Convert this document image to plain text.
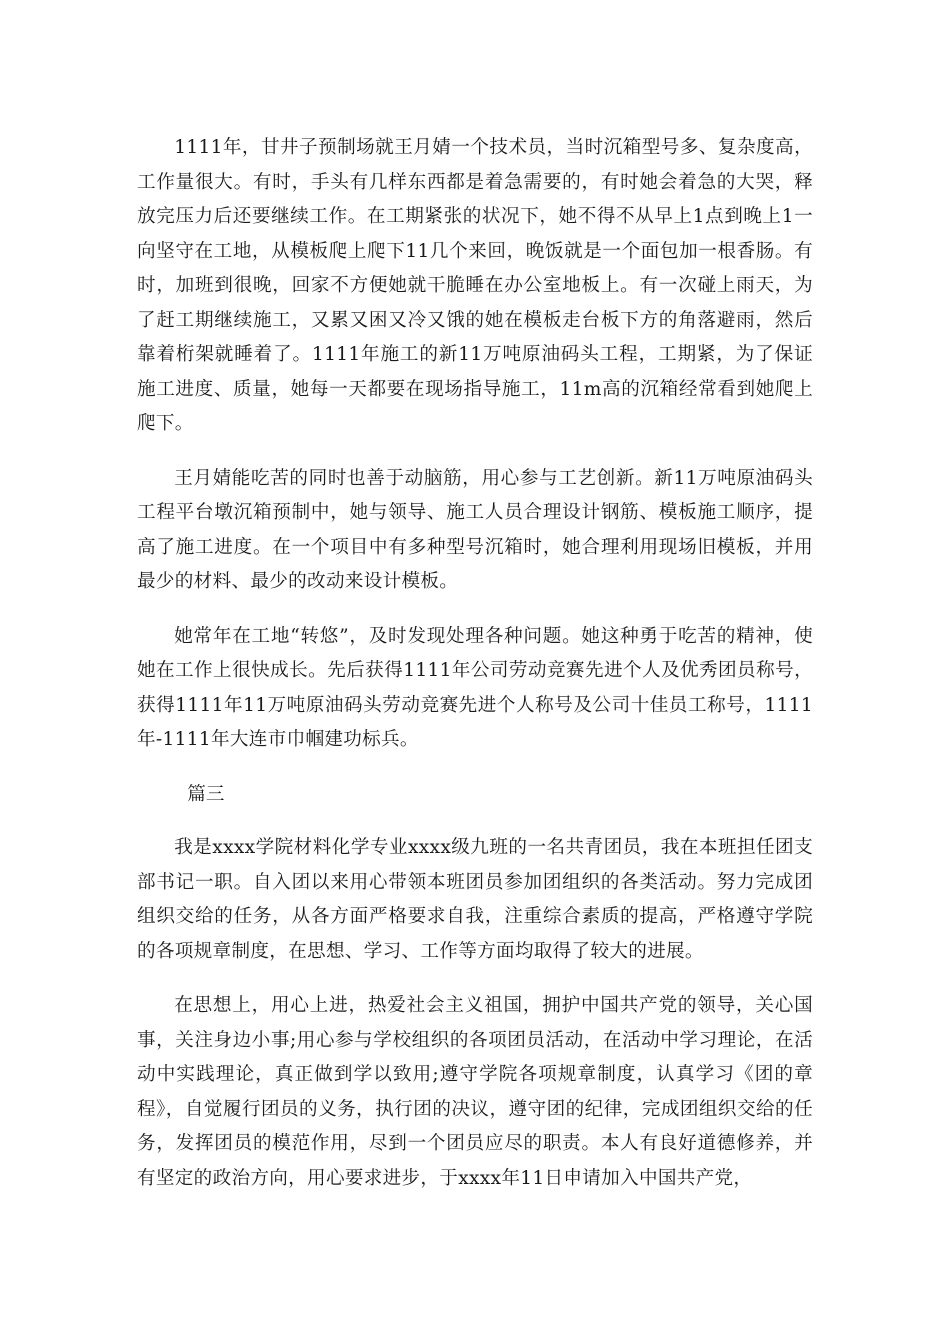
1111年，甘井子预制场就王月婧一个技术员，当时沉箱型号多、复杂度高，工作量很大。有时，手头有几样东西都是着急需要的，有时她会着急的大哭，释放完压力后还要继续工作。在工期紧张的状况下，她不得不从早上1点到晚上1一向坚守在工地，从模板爬上爬下11几个来回，晚饭就是一个面包加一根香肠。有时，加班到很晚，回家不方便她就干脆睡在办公室地板上。有一次碰上雨天，为了赶工期继续施工，又累又困又冷又饿的她在模板走台板下方的角落避雨，然后靠着桁架就睡着了。1111年施工的新11万吨原油码头工程，工期紧，为了保证施工进度、质量，她每一天都要在现场指导施工，11m高的沉箱经常看到她爬上爬下。

王月婧能吃苦的同时也善于动脑筋，用心参与工艺创新。新11万吨原油码头工程平台墩沉箱预制中，她与领导、施工人员合理设计钢筋、模板施工顺序，提高了施工进度。在一个项目中有多种型号沉箱时，她合理利用现场旧模板，并用最少的材料、最少的改动来设计模板。

她常年在工地“转悠”，及时发现处理各种问题。她这种勇于吃苦的精神，使她在工作上很快成长。先后获得1111年公司劳动竞赛先进个人及优秀团员称号，获得1111年11万吨原油码头劳动竞赛先进个人称号及公司十佳员工称号，1111年-1111年大连市巾帼建功标兵。

篇三

我是xxxx学院材料化学专业xxxx级九班的一名共青团员，我在本班担任团支部书记一职。自入团以来用心带领本班团员参加团组织的各类活动。努力完成团组织交给的任务，从各方面严格要求自我，注重综合素质的提高，严格遵守学院的各项规章制度，在思想、学习、工作等方面均取得了较大的进展。

在思想上，用心上进，热爱社会主义祖国，拥护中国共产党的领导，关心国事，关注身边小事;用心参与学校组织的各项团员活动，在活动中学习理论，在活动中实践理论，真正做到学以致用;遵守学院各项规章制度，认真学习《团的章程》，自觉履行团员的义务，执行团的决议，遵守团的纪律，完成团组织交给的任务，发挥团员的模范作用，尽到一个团员应尽的职责。本人有良好道德修养，并有坚定的政治方向，用心要求进步，于xxxx年11日申请加入中国共产党，
